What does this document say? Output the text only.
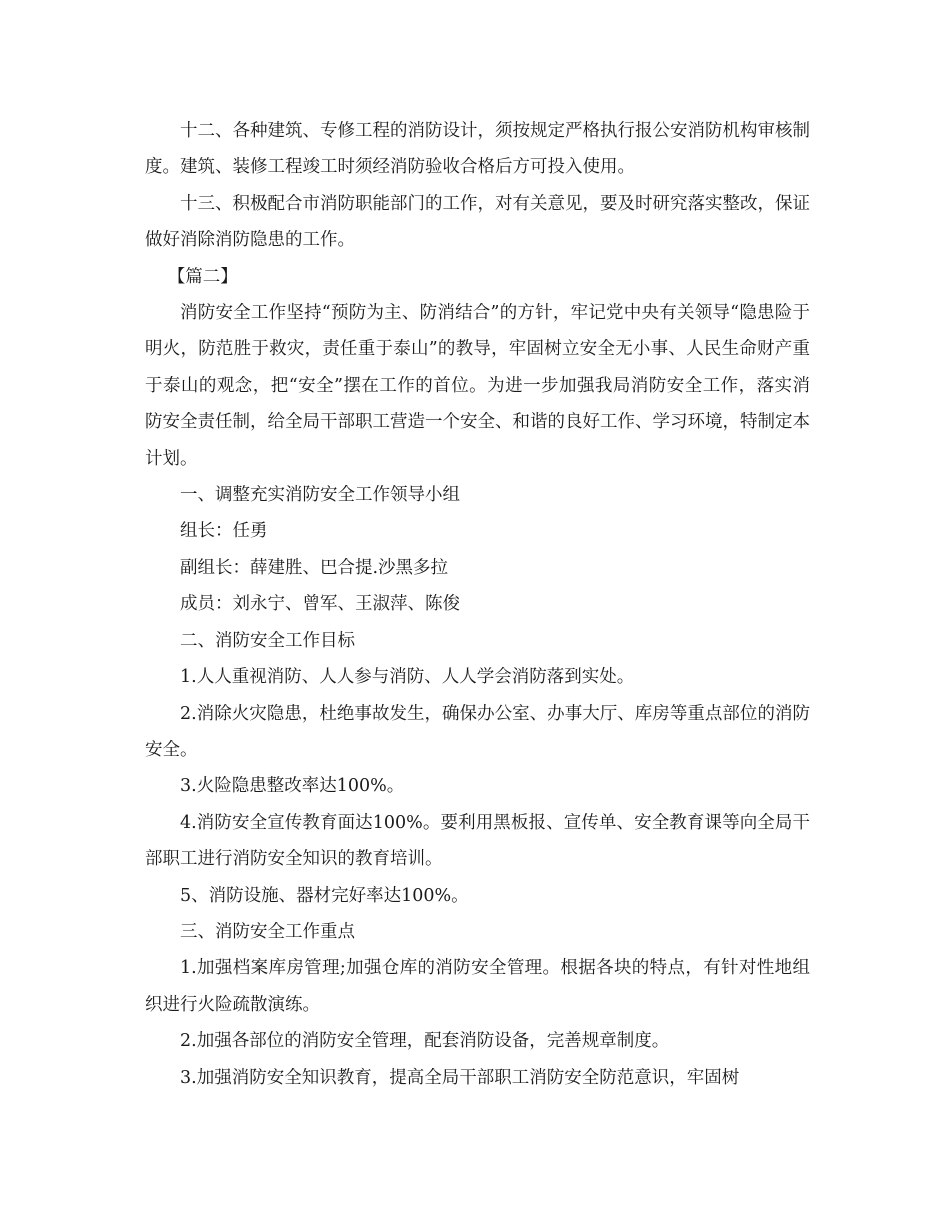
十二、各种建筑、专修工程的消防设计，须按规定严格执行报公安消防机构审核制度。建筑、装修工程竣工时须经消防验收合格后方可投入使用。

十三、积极配合市消防职能部门的工作，对有关意见，要及时研究落实整改，保证做好消除消防隐患的工作。

【篇二】

消防安全工作坚持“预防为主、防消结合”的方针，牢记党中央有关领导“隐患险于明火，防范胜于救灾，责任重于泰山”的教导，牢固树立安全无小事、人民生命财产重于泰山的观念，把“安全”摆在工作的首位。为进一步加强我局消防安全工作，落实消防安全责任制，给全局干部职工营造一个安全、和谐的良好工作、学习环境，特制定本计划。

一、调整充实消防安全工作领导小组

组长：任勇

副组长：薛建胜、巴合提.沙黑多拉

成员：刘永宁、曾军、王淑萍、陈俊

二、消防安全工作目标

1.人人重视消防、人人参与消防、人人学会消防落到实处。

2.消除火灾隐患，杜绝事故发生，确保办公室、办事大厅、库房等重点部位的消防安全。

3.火险隐患整改率达100%。

4.消防安全宣传教育面达100%。要利用黑板报、宣传单、安全教育课等向全局干部职工进行消防安全知识的教育培训。

5、消防设施、器材完好率达100%。

三、消防安全工作重点

1.加强档案库房管理;加强仓库的消防安全管理。根据各块的特点，有针对性地组织进行火险疏散演练。

2.加强各部位的消防安全管理，配套消防设备，完善规章制度。

3.加强消防安全知识教育，提高全局干部职工消防安全防范意识，牢固树
